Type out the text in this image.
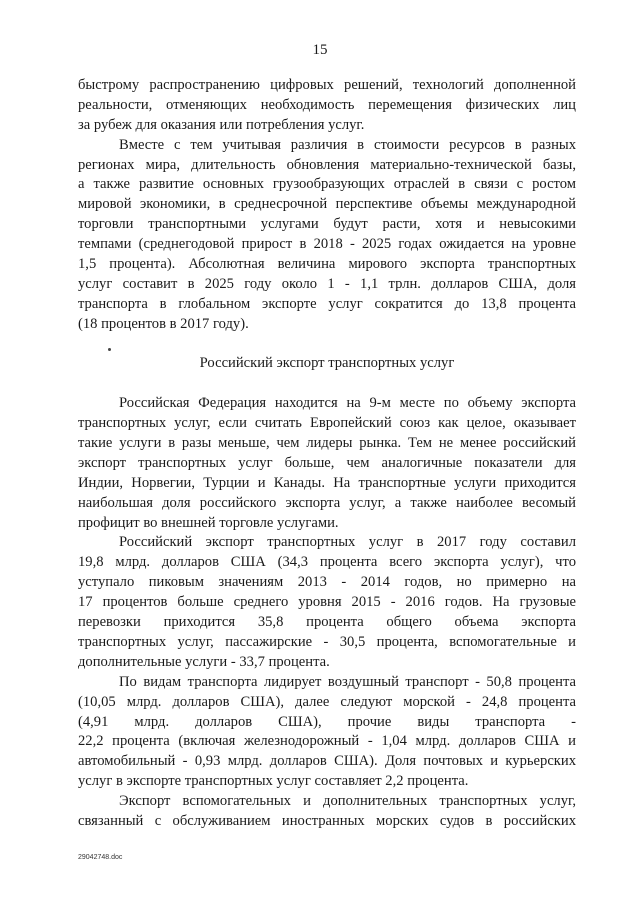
15
быстрому распространению цифровых решений, технологий дополненной
реальности, отменяющих необходимость перемещения физических лиц
за рубеж для оказания или потребления услуг.
Вместе с тем учитывая различия в стоимости ресурсов в разных
регионах мира, длительность обновления материально-технической базы,
а также развитие основных грузообразующих отраслей в связи с ростом
мировой экономики, в среднесрочной перспективе объемы международной
торговли транспортными услугами будут расти, хотя и невысокими
темпами (среднегодовой прирост в 2018 - 2025 годах ожидается на уровне
1,5 процента). Абсолютная величина мирового экспорта транспортных
услуг составит в 2025 году около 1 - 1,1 трлн. долларов США, доля
транспорта в глобальном экспорте услуг сократится до 13,8 процента
(18 процентов в 2017 году).
Российский экспорт транспортных услуг
Российская Федерация находится на 9-м месте по объему экспорта
транспортных услуг, если считать Европейский союз как целое, оказывает
такие услуги в разы меньше, чем лидеры рынка. Тем не менее российский
экспорт транспортных услуг больше, чем аналогичные показатели для
Индии, Норвегии, Турции и Канады. На транспортные услуги приходится
наибольшая доля российского экспорта услуг, а также наиболее весомый
профицит во внешней торговле услугами.
Российский экспорт транспортных услуг в 2017 году составил
19,8 млрд. долларов США (34,3 процента всего экспорта услуг), что
уступало пиковым значениям 2013 - 2014 годов, но примерно на
17 процентов больше среднего уровня 2015 - 2016 годов. На грузовые
перевозки приходится 35,8 процента общего объема экспорта
транспортных услуг, пассажирские - 30,5 процента, вспомогательные и
дополнительные услуги - 33,7 процента.
По видам транспорта лидирует воздушный транспорт - 50,8 процента
(10,05 млрд. долларов США), далее следуют морской - 24,8 процента
(4,91 млрд. долларов США), прочие виды транспорта -
22,2 процента (включая железнодорожный - 1,04 млрд. долларов США и
автомобильный - 0,93 млрд. долларов США). Доля почтовых и курьерских
услуг в экспорте транспортных услуг составляет 2,2 процента.
Экспорт вспомогательных и дополнительных транспортных услуг,
связанный с обслуживанием иностранных морских судов в российских
29042748.doc
